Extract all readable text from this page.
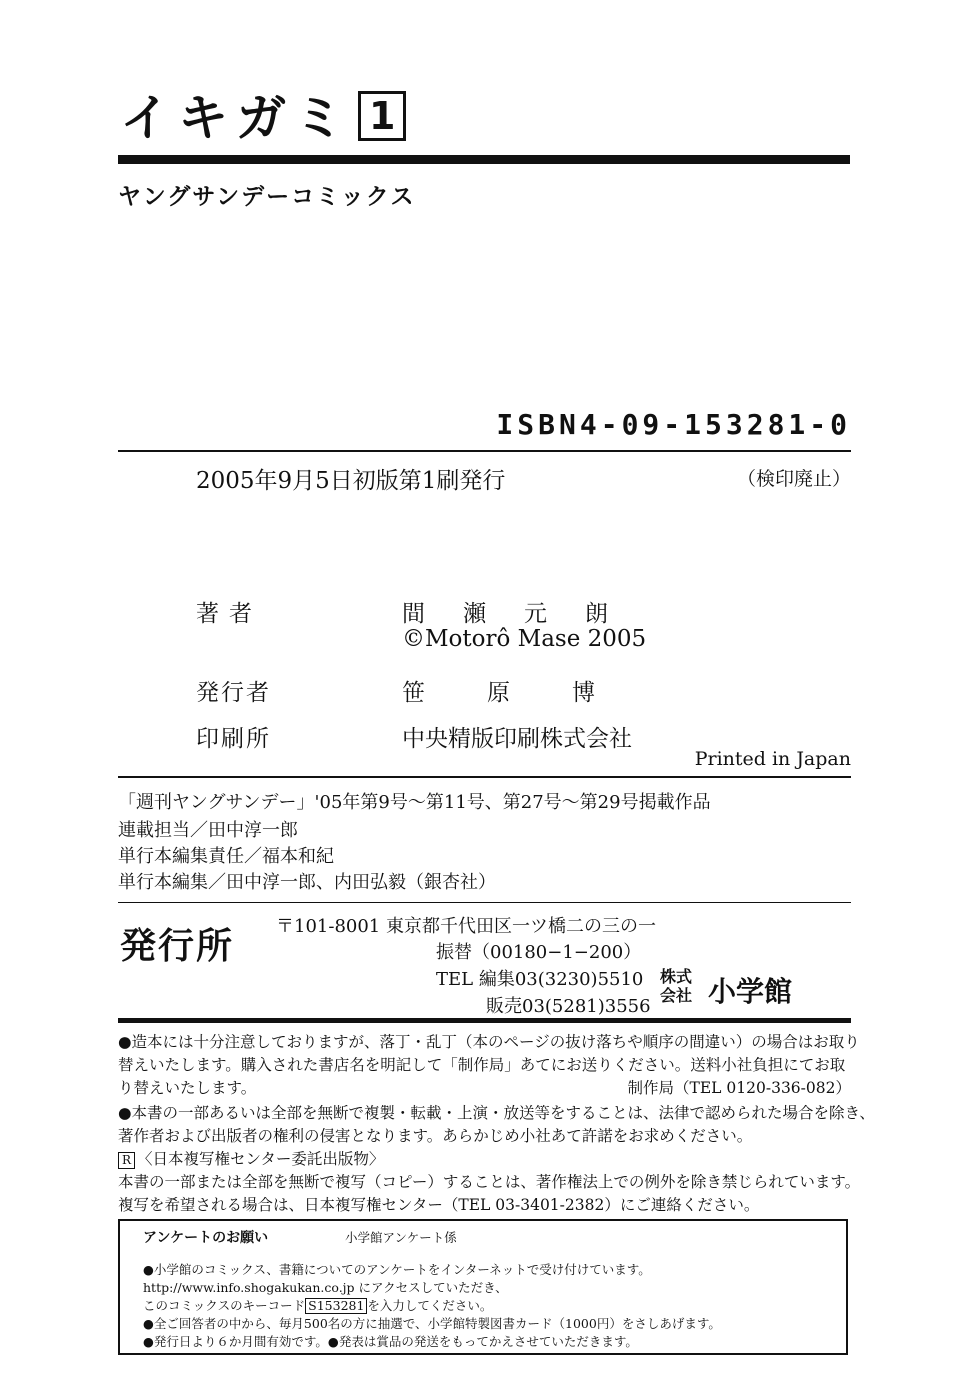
イキガミ 1
ヤングサンデーコミックス
ISBN4-09-153281-0
2005年9月5日初版第1刷発行	（検印廃止）
著者	間瀬元朗
©Motorô Mase 2005
発行者	笹原博
印刷所	中央精版印刷株式会社
Printed in Japan
「週刊ヤングサンデー」'05年第9号〜第11号、第27号〜第29号掲載作品
連載担当／田中淳一郎
単行本編集責任／福本和紀
単行本編集／田中淳一郎、内田弘毅（銀杏社）
発行所 〒101-8001 東京都千代田区一ツ橋二の三の一
振替（00180−1−200）
TEL 編集03(3230)5510
販売03(5281)3556
株式
会社 小学館
●造本には十分注意しておりますが、落丁・乱丁（本のページの抜け落ちや順序の間違い）の場合はお取り
替えいたします。購入された書店名を明記して「制作局」あてにお送りください。送料小社負担にてお取
り替えいたします。	制作局（TEL 0120-336-082）
●本書の一部あるいは全部を無断で複製・転載・上演・放送等をすることは、法律で認められた場合を除き、
著作者および出版者の権利の侵害となります。あらかじめ小社あて許諾をお求めください。
R 〈日本複写権センター委託出版物〉
本書の一部または全部を無断で複写（コピー）することは、著作権法上での例外を除き禁じられています。
複写を希望される場合は、日本複写権センター（TEL 03-3401-2382）にご連絡ください。
アンケートのお願い	小学館アンケート係
●小学館のコミックス、書籍についてのアンケートをインターネットで受け付けています。
http://www.info.shogakukan.co.jp にアクセスしていただき、
このコミックスのキーコード S153281 を入力してください。
●全ご回答者の中から、毎月500名の方に抽選で、小学館特製図書カード（1000円）をさしあげます。
●発行日より６か月間有効です。●発表は賞品の発送をもってかえさせていただきます。
